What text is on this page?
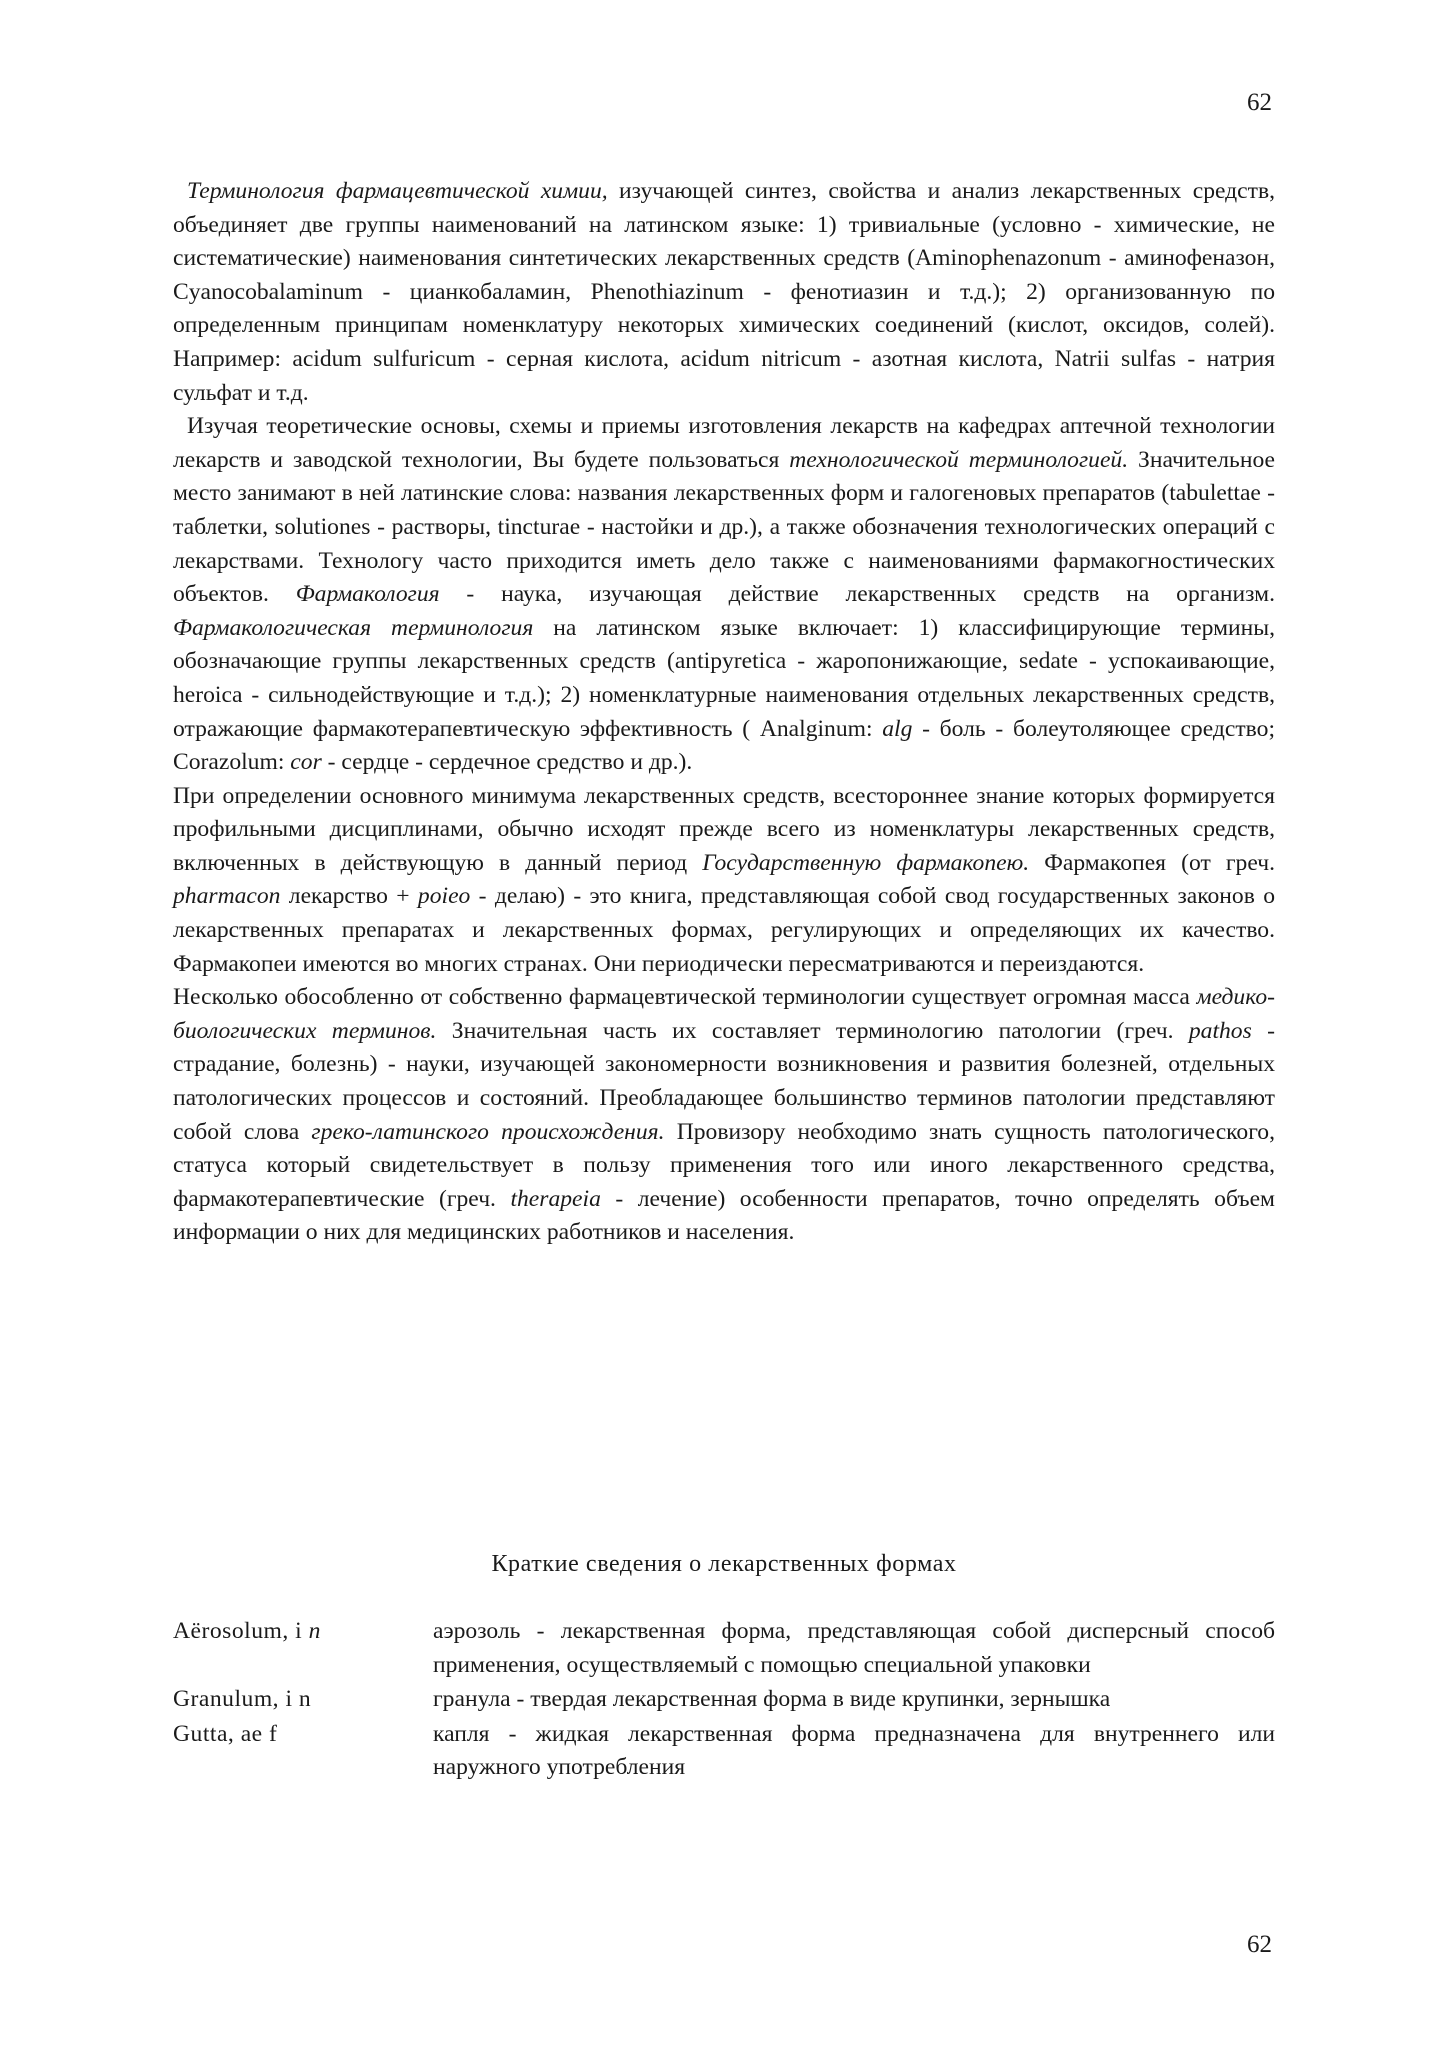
62

Терминология фармацевтической химии, изучающей синтез, свойства и анализ лекарственных средств, объединяет две группы наименований на латинском языке: 1) тривиальные (условно - химические, не систематические) наименования синтетических лекарственных средств (Aminophenazonum - аминофеназон, Cyanocobalaminum - цианкобаламин, Phenothiazinum - фенотиазин и т.д.); 2) организованную по определенным принципам номенклатуру некоторых химических соединений (кислот, оксидов, солей). Например: acidum sulfuricum - серная кислота, acidum nitricum - азотная кислота, Natrii sulfas - натрия сульфат и т.д.

Изучая теоретические основы, схемы и приемы изготовления лекарств на кафедрах аптечной технологии лекарств и заводской технологии, Вы будете пользоваться технологической терминологией. Значительное место занимают в ней латинские слова: названия лекарственных форм и галогеновых препаратов (tabulettae - таблетки, solutiones - растворы, tincturae - настойки и др.), а также обозначения технологических операций с лекарствами. Технологу часто приходится иметь дело также с наименованиями фармакогностических объектов. Фармакология - наука, изучающая действие лекарственных средств на организм. Фармакологическая терминология на латинском языке включает: 1) классифицирующие термины, обозначающие группы лекарственных средств (antipyretica - жаропонижающие, sedate - успокаивающие, heroica - сильнодействующие и т.д.); 2) номенклатурные наименования отдельных лекарственных средств, отражающие фармакотерапевтическую эффективность ( Analginum: alg - боль - болеутоляющее средство; Corazolum: cor - сердце - сердечное средство и др.).

При определении основного минимума лекарственных средств, всестороннее знание которых формируется профильными дисциплинами, обычно исходят прежде всего из номенклатуры лекарственных средств, включенных в действующую в данный период Государственную фармакопею. Фармакопея (от греч. pharmacon лекарство + poieo - делаю) - это книга, представляющая собой свод государственных законов о лекарственных препаратах и лекарственных формах, регулирующих и определяющих их качество. Фармакопеи имеются во многих странах. Они периодически пересматриваются и переиздаются.

Несколько обособленно от собственно фармацевтической терминологии существует огромная масса медико-биологических терминов. Значительная часть их составляет терминологию патологии (греч. pathos - страдание, болезнь) - науки, изучающей закономерности возникновения и развития болезней, отдельных патологических процессов и состояний. Преобладающее большинство терминов патологии представляют собой слова греко-латинского происхождения. Провизору необходимо знать сущность патологического, статуса который свидетельствует в пользу применения того или иного лекарственного средства, фармакотерапевтические (греч. therapeia - лечение) особенности препаратов, точно определять объем информации о них для медицинских работников и населения.

Краткие сведения о лекарственных формах
Aёrosolum, i n	аэрозоль - лекарственная форма, представляющая собой дисперсный способ применения, осуществляемый с помощью специальной упаковки
Granulum, i n	гранула - твердая лекарственная форма в виде крупинки, зернышка
Gutta, ae f	капля - жидкая лекарственная форма предназначена для внутреннего или наружного употребления
62
